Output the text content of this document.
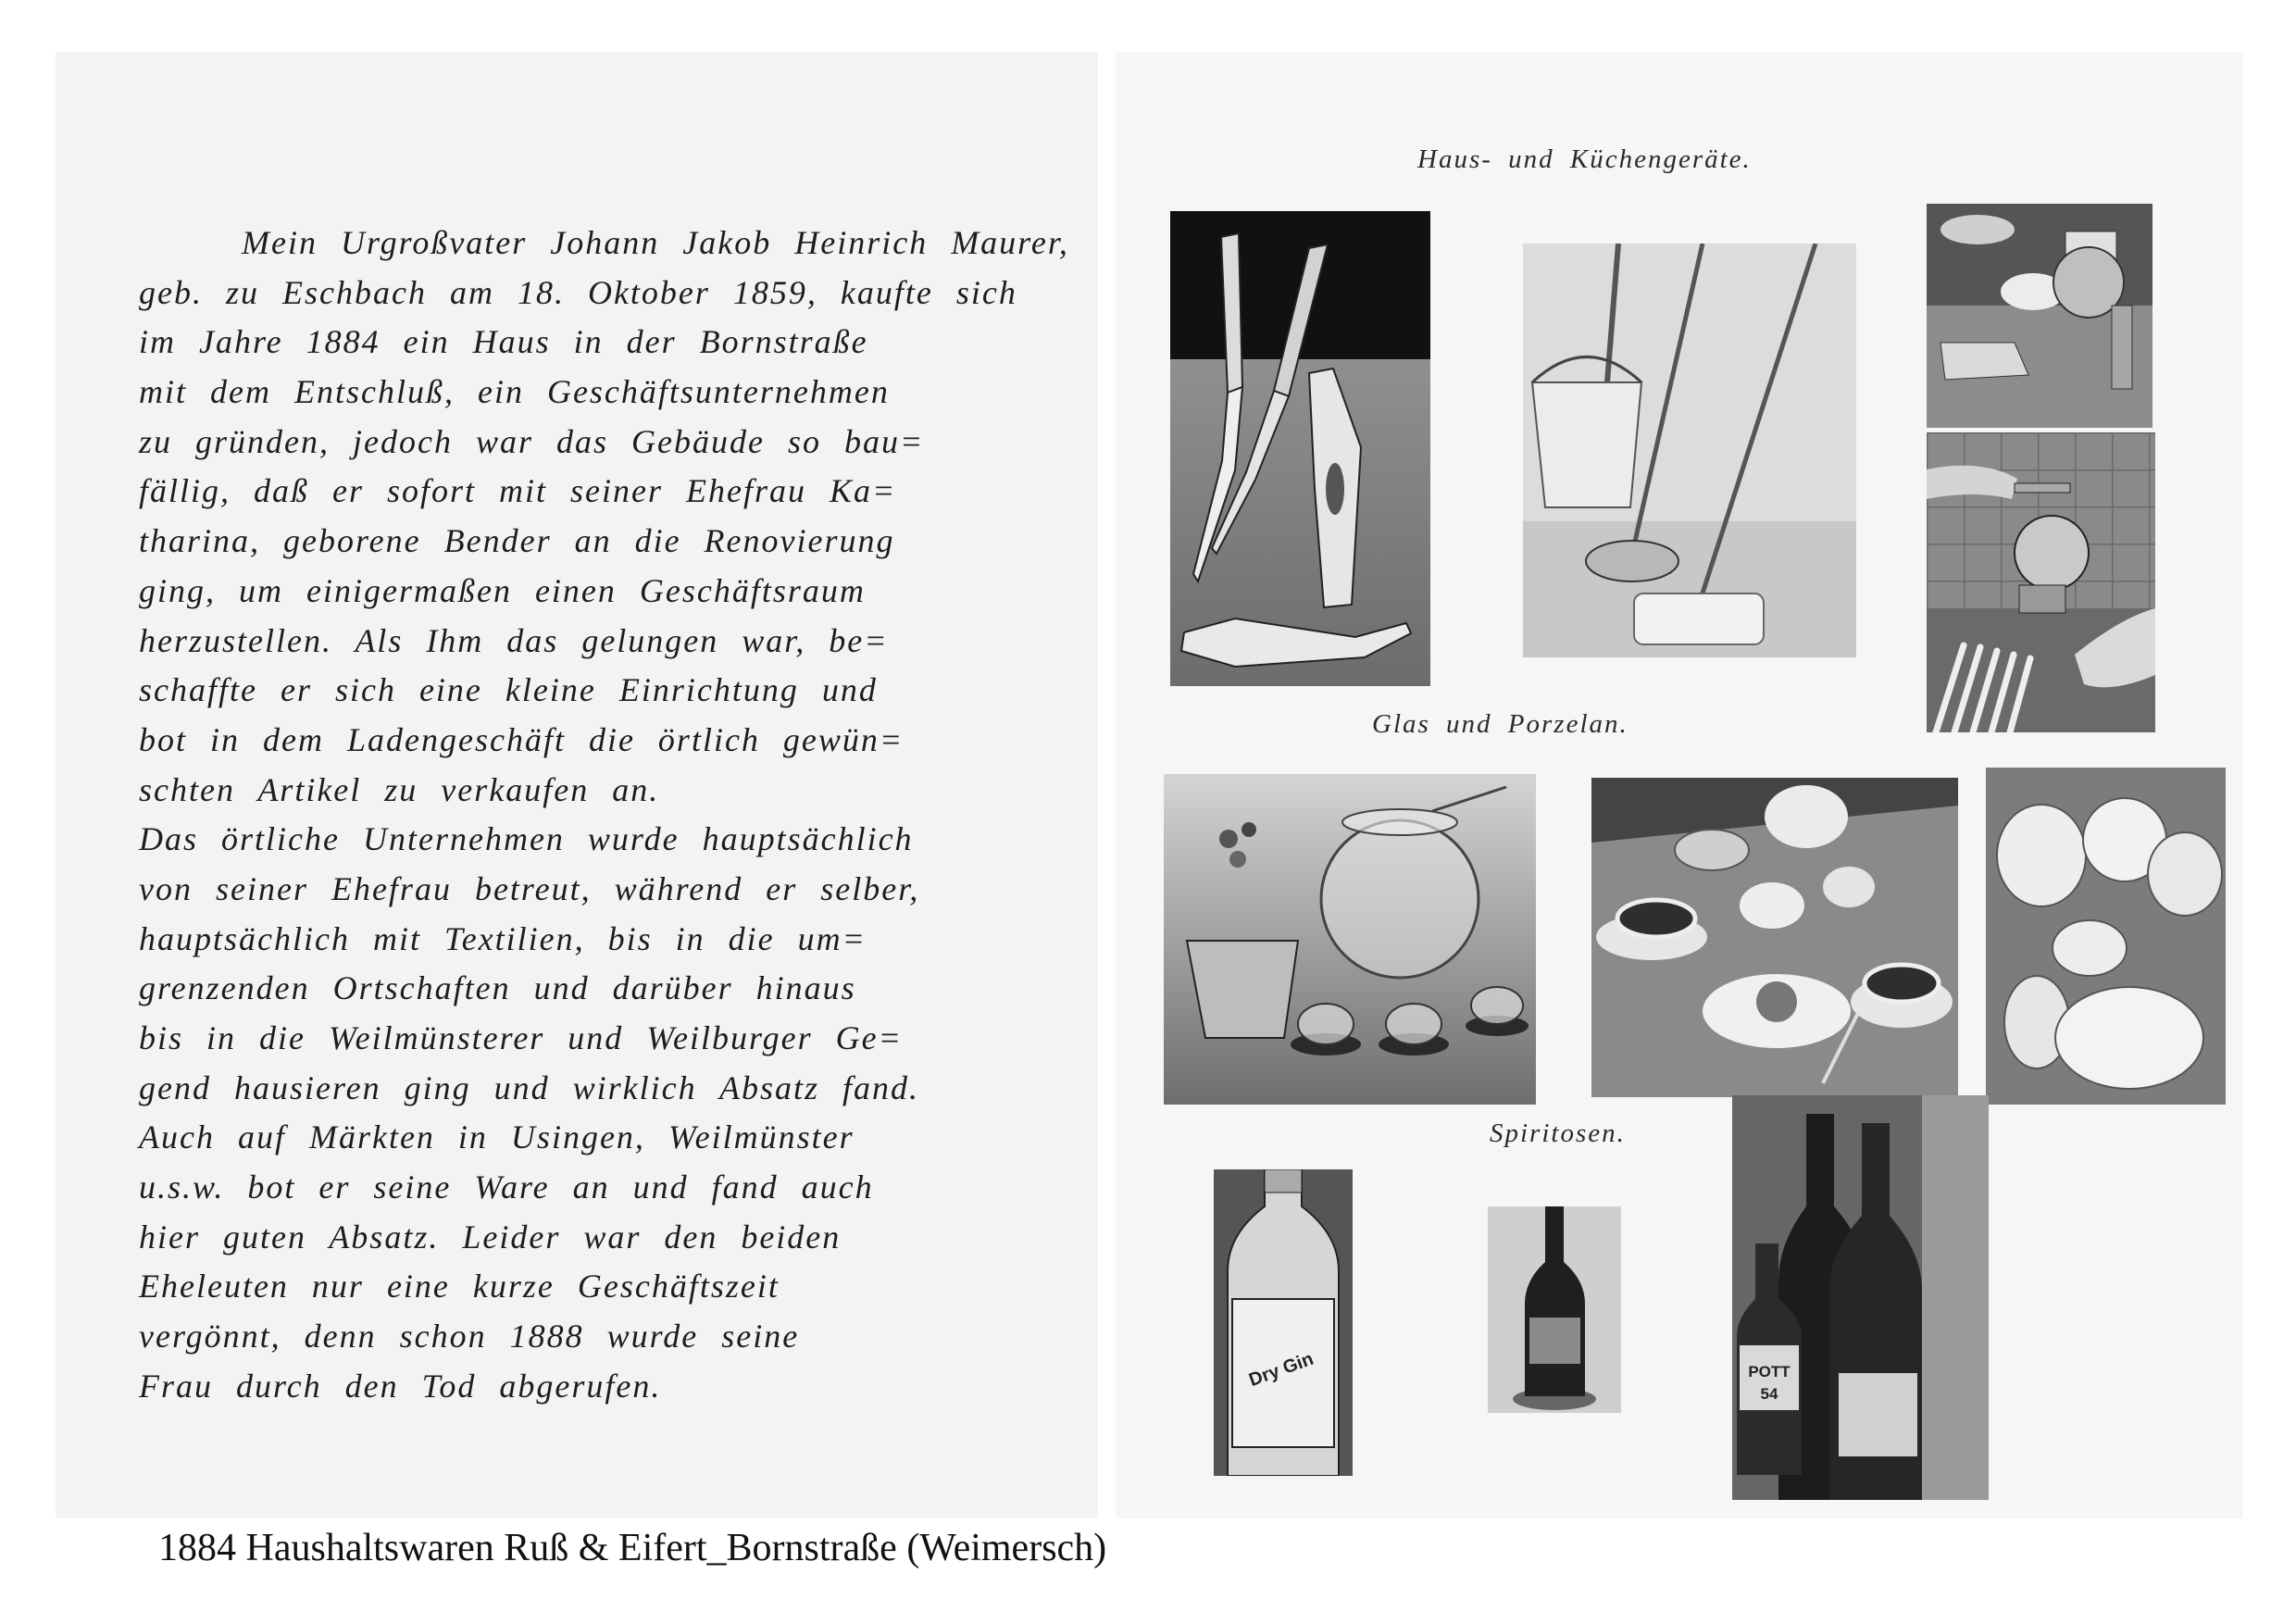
Mein Urgroßvater Johann Jakob Heinrich Maurer,
geb. zu Eschbach am 18. Oktober 1859, kaufte sich
im Jahre 1884 ein Haus in der Bornstraße
mit dem Entschluß, ein Geschäftsunternehmen
zu gründen, jedoch war das Gebäude so bau=
fällig, daß er sofort mit seiner Ehefrau Ka=
tharina, geborene Bender an die Renovierung
ging, um einigermaßen einen Geschäftsraum
herzustellen. Als Ihm das gelungen war, be=
schaffte er sich eine kleine Einrichtung und
bot in dem Ladengeschäft die örtlich gewün=
schten Artikel zu verkaufen an.
Das örtliche Unternehmen wurde hauptsächlich
von seiner Ehefrau betreut, während er selber,
hauptsächlich mit Textilien, bis in die um=
grenzenden Ortschaften und darüber hinaus
bis in die Weilmünsterer und Weilburger Ge=
gend hausieren ging und wirklich Absatz fand.
Auch auf Märkten in Usingen, Weilmünster
u.s.w. bot er seine Ware an und fand auch
hier guten Absatz. Leider war den beiden
Eheleuten nur eine kurze Geschäftszeit
vergönnt, denn schon 1888 wurde seine
Frau durch den Tod abgerufen.
Haus- und Küchengeräte.
Glas und Porzelan.
Spiritosen.
Dry Gin	POTT
54
1884 Haushaltswaren Ruß & Eifert_Bornstraße (Weimersch)
